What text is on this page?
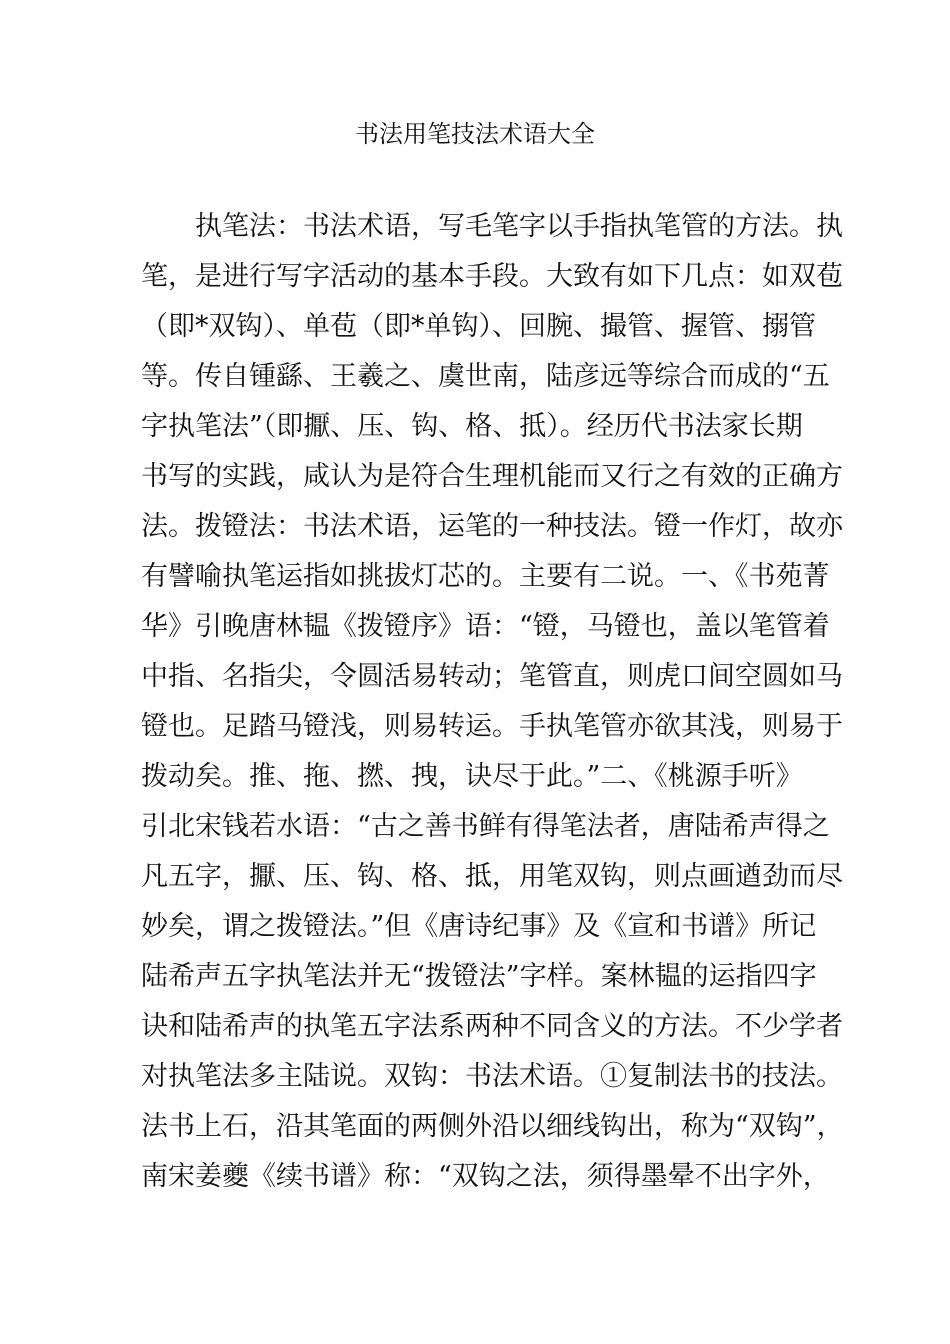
书法用笔技法术语大全
执笔法：书法术语，写毛笔字以手指执笔管的方法。执
笔，是进行写字活动的基本手段。大致有如下几点：如双苞
（即*双钩）、单苞（即*单钩）、回腕、撮管、握管、搦管
等。传自锺繇、王羲之、虞世南，陆彦远等综合而成的“五
字执笔法”（即擫、压、钩、格、抵）。经历代书法家长期
书写的实践，咸认为是符合生理机能而又行之有效的正确方
法。拨镫法：书法术语，运笔的一种技法。镫一作灯，故亦
有譬喻执笔运指如挑拔灯芯的。主要有二说。一、《书苑菁
华》引晚唐林韫《拨镫序》语：“镫，马镫也，盖以笔管着
中指、名指尖，令圆活易转动；笔管直，则虎口间空圆如马
镫也。足踏马镫浅，则易转运。手执笔管亦欲其浅，则易于
拨动矣。推、拖、撚、拽，诀尽于此。”二、《桃源手听》
引北宋钱若水语：“古之善书鲜有得笔法者，唐陆希声得之
凡五字，擫、压、钩、格、抵，用笔双钩，则点画遒劲而尽
妙矣，谓之拨镫法。”但《唐诗纪事》及《宣和书谱》所记
陆希声五字执笔法并无“拨镫法”字样。案林韫的运指四字
诀和陆希声的执笔五字法系两种不同含义的方法。不少学者
对执笔法多主陆说。双钩：书法术语。①复制法书的技法。
法书上石，沿其笔面的两侧外沿以细线钩出，称为“双钩”，
南宋姜夔《续书谱》称：“双钩之法，须得墨晕不出字外，
